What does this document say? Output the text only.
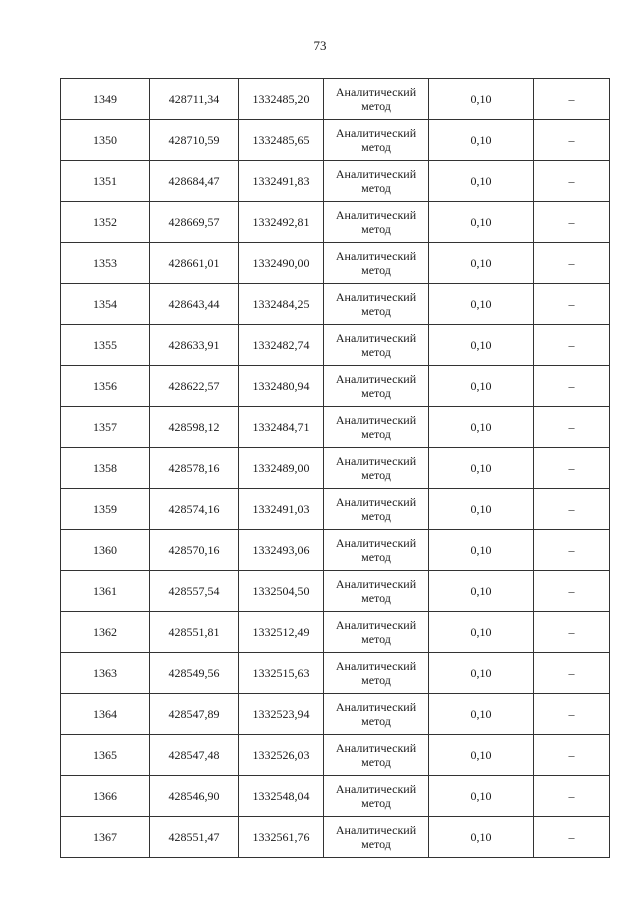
73
1349	428711,34	1332485,20	Аналитический
метод	0,10	–
1350	428710,59	1332485,65	Аналитический
метод	0,10	–
1351	428684,47	1332491,83	Аналитический
метод	0,10	–
1352	428669,57	1332492,81	Аналитический
метод	0,10	–
1353	428661,01	1332490,00	Аналитический
метод	0,10	–
1354	428643,44	1332484,25	Аналитический
метод	0,10	–
1355	428633,91	1332482,74	Аналитический
метод	0,10	–
1356	428622,57	1332480,94	Аналитический
метод	0,10	–
1357	428598,12	1332484,71	Аналитический
метод	0,10	–
1358	428578,16	1332489,00	Аналитический
метод	0,10	–
1359	428574,16	1332491,03	Аналитический
метод	0,10	–
1360	428570,16	1332493,06	Аналитический
метод	0,10	–
1361	428557,54	1332504,50	Аналитический
метод	0,10	–
1362	428551,81	1332512,49	Аналитический
метод	0,10	–
1363	428549,56	1332515,63	Аналитический
метод	0,10	–
1364	428547,89	1332523,94	Аналитический
метод	0,10	–
1365	428547,48	1332526,03	Аналитический
метод	0,10	–
1366	428546,90	1332548,04	Аналитический
метод	0,10	–
1367	428551,47	1332561,76	Аналитический
метод	0,10	–
